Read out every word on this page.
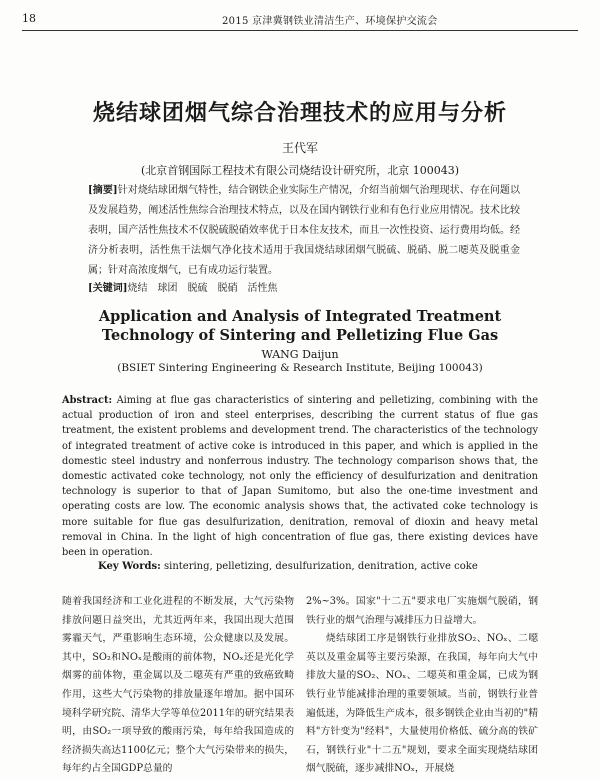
18	2015 京津冀钢铁业清洁生产、环境保护交流会
烧结球团烟气综合治理技术的应用与分析
王代军
(北京首钢国际工程技术有限公司烧结设计研究所，北京 100043)
[摘要]针对烧结球团烟气特性，结合钢铁企业实际生产情况，介绍当前烟气治理现状、存在问题以及发展趋势，阐述活性焦综合治理技术特点，以及在国内钢铁行业和有色行业应用情况。技术比较表明，国产活性焦技术不仅脱硫脱硝效率优于日本住友技术，而且一次性投资、运行费用均低。经济分析表明，活性焦干法烟气净化技术适用于我国烧结球团烟气脱硫、脱硝、脱二噁英及脱重金属；针对高浓度烟气，已有成功运行装置。
[关键词]烧结　球团　脱硫　脱硝　活性焦
Application and Analysis of Integrated Treatment Technology of Sintering and Pelletizing Flue Gas
WANG Daijun
(BSIET Sintering Engineering & Research Institute, Beijing 100043)
Abstract: Aiming at flue gas characteristics of sintering and pelletizing, combining with the actual production of iron and steel enterprises, describing the current status of flue gas treatment, the existent problems and development trend. The characteristics of the technology of integrated treatment of active coke is introduced in this paper, and which is applied in the domestic steel industry and nonferrous industry. The technology comparison shows that, the domestic activated coke technology, not only the efficiency of desulfurization and denitration technology is superior to that of Japan Sumitomo, but also the one-time investment and operating costs are low. The economic analysis shows that, the activated coke technology is more suitable for flue gas desulfurization, denitration, removal of dioxin and heavy metal removal in China. In the light of high concentration of flue gas, there existing devices have been in operation.
Key Words: sintering, pelletizing, desulfurization, denitration, active coke
随着我国经济和工业化进程的不断发展，大气污染物排放问题日益突出，尤其近两年来，我国出现大范围雾霾天气，严重影响生态环境，公众健康以及发展。其中，SO₂和NOₓ是酸雨的前体物，NOₓ还是光化学烟雾的前体物，重金属以及二噁英有严重的致癌致畸作用，这些大气污染物的排放量逐年增加。据中国环境科学研究院、清华大学等单位2011年的研究结果表明，由SO₂一项导致的酸雨污染，每年给我国造成的经济损失高达1100亿元；整个大气污染带来的损失，每年约占全国GDP总量的
2%~3%。国家"十二五"要求电厂实施烟气脱硝，钢铁行业的烟气治理与减排压力日益增大。
  烧结球团工序是钢铁行业排放SO₂、NOₓ、二噁英以及重金属等主要污染源，在我国，每年向大气中排放大量的SO₂、NOₓ、二噁英和重金属，已成为钢铁行业节能减排治理的重要领域。当前，钢铁行业普遍低迷，为降低生产成本，很多钢铁企业由当初的"精料"方针变为"经料"，大量使用价格低、硫分高的铁矿石，钢铁行业"十二五"规划，要求全面实现烧结球团烟气脱硫，逐步减排NOₓ，开展烧
